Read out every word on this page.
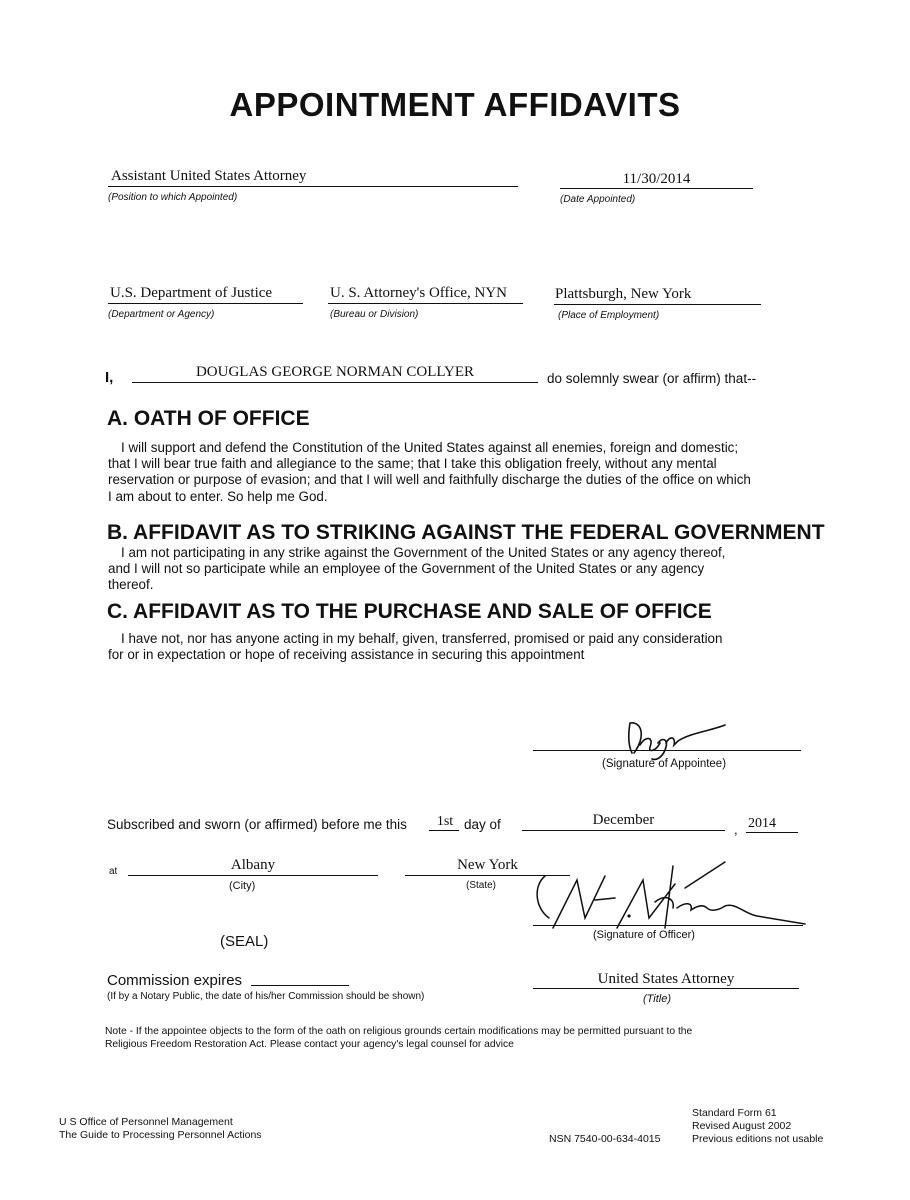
APPOINTMENT AFFIDAVITS
Assistant United States Attorney
(Position to which Appointed)
11/30/2014
(Date Appointed)
U.S. Department of Justice
(Department or Agency)
U. S. Attorney's Office, NYN
(Bureau or Division)
Plattsburgh, New York
(Place of Employment)
I,	DOUGLAS GEORGE NORMAN COLLYER	do solemnly swear (or affirm) that--
A. OATH OF OFFICE
I will support and defend the Constitution of the United States against all enemies, foreign and domestic;
that I will bear true faith and allegiance to the same; that I take this obligation freely, without any mental
reservation or purpose of evasion; and that I will well and faithfully discharge the duties of the office on which
I am about to enter. So help me God.
B. AFFIDAVIT AS TO STRIKING AGAINST THE FEDERAL GOVERNMENT
I am not participating in any strike against the Government of the United States or any agency thereof,
and I will not so participate while an employee of the Government of the United States or any agency
thereof.
C. AFFIDAVIT AS TO THE PURCHASE AND SALE OF OFFICE
I have not, nor has anyone acting in my behalf, given, transferred, promised or paid any consideration
for or in expectation or hope of receiving assistance in securing this appointment
(Signature of Appointee)
Subscribed and sworn (or affirmed) before me this	1st day of	December
, 2014
at	Albany
(City)
New York
(State)
(Signature of Officer)
(SEAL)
Commission expires
(If by a Notary Public, the date of his/her Commission should be shown)
United States Attorney
(Title)
Note - If the appointee objects to the form of the oath on religious grounds certain modifications may be permitted pursuant to the
Religious Freedom Restoration Act. Please contact your agency's legal counsel for advice
U S Office of Personnel Management
The Guide to Processing Personnel Actions	NSN 7540-00-634-4015
Standard Form 61
Revised August 2002
Previous editions not usable
